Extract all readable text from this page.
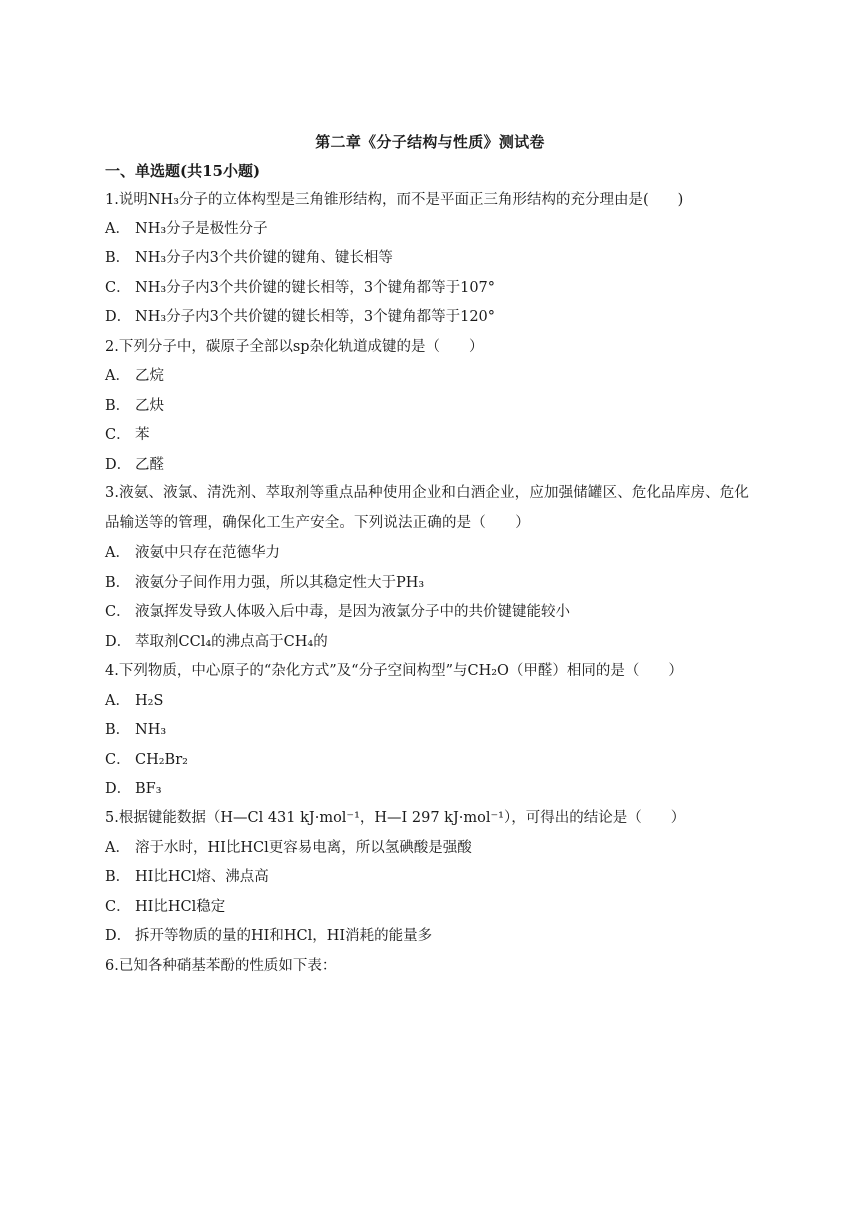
第二章《分子结构与性质》测试卷
一、单选题(共15小题)
1.说明NH₃分子的立体构型是三角锥形结构，而不是平面正三角形结构的充分理由是(　　)
A． NH₃分子是极性分子
B． NH₃分子内3个共价键的键角、键长相等
C． NH₃分子内3个共价键的键长相等，3个键角都等于107°
D． NH₃分子内3个共价键的键长相等，3个键角都等于120°
2.下列分子中，碳原子全部以sp杂化轨道成键的是（　　）
A． 乙烷
B． 乙炔
C． 苯
D． 乙醛
3.液氨、液氯、清洗剂、萃取剂等重点品种使用企业和白酒企业，应加强储罐区、危化品库房、危化品输送等的管理，确保化工生产安全。下列说法正确的是（　　）
A． 液氨中只存在范德华力
B． 液氨分子间作用力强，所以其稳定性大于PH₃
C． 液氯挥发导致人体吸入后中毒，是因为液氯分子中的共价键键能较小
D． 萃取剂CCl₄的沸点高于CH₄的
4.下列物质，中心原子的“杂化方式”及“分子空间构型”与CH₂O（甲醛）相同的是（　　）
A． H₂S
B． NH₃
C． CH₂Br₂
D． BF₃
5.根据键能数据（H—Cl 431 kJ·mol⁻¹，H—I 297 kJ·mol⁻¹），可得出的结论是（　　）
A． 溶于水时，HI比HCl更容易电离，所以氢碘酸是强酸
B． HI比HCl熔、沸点高
C． HI比HCl稳定
D． 拆开等物质的量的HI和HCl，HI消耗的能量多
6.已知各种硝基苯酚的性质如下表：
